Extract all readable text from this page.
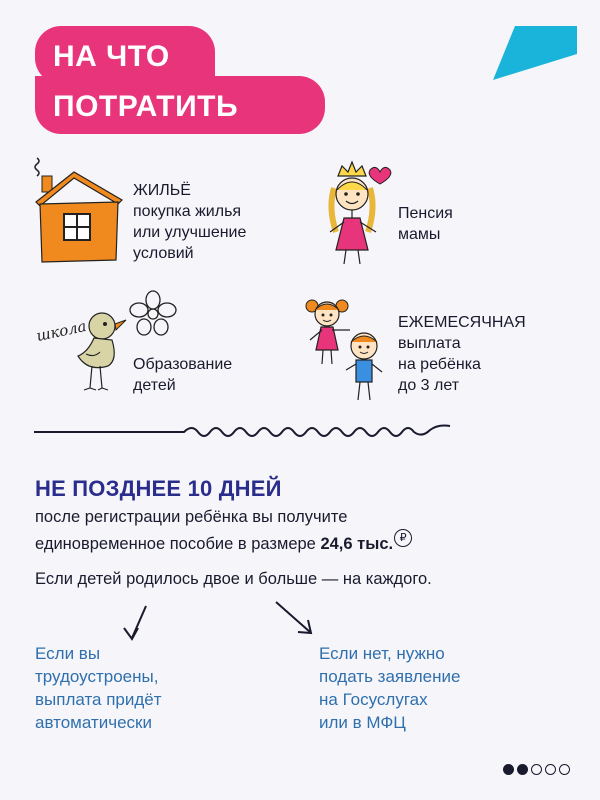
НА ЧТО
ПОТРАТИТЬ
ЖИЛЬЁ
покупка жилья
или улучшение
условий
Пенсия
мамы
школа
Образование
детей
ЕЖЕМЕСЯЧНАЯ
выплата
на ребёнка
до 3 лет
НЕ ПОЗДНЕЕ 10 ДНЕЙ
после регистрации ребёнка вы получите
единовременное пособие в размере 24,6 тыс. ₽
Если детей родилось двое и больше — на каждого.
Если вы
трудоустроены,
выплата придёт
автоматически
Если нет, нужно
подать заявление
на Госуслугах
или в МФЦ
